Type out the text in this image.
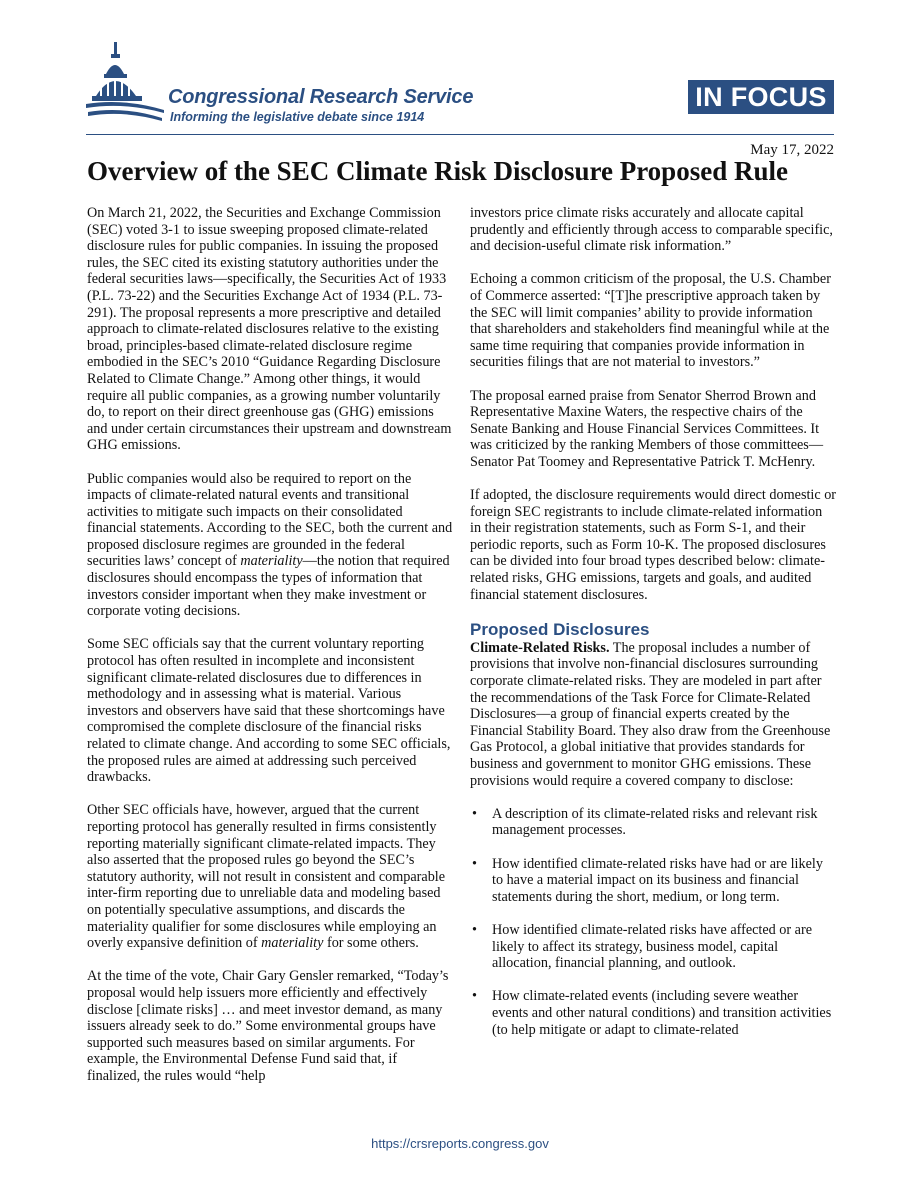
Congressional Research Service
Informing the legislative debate since 1914
IN FOCUS
May 17, 2022
Overview of the SEC Climate Risk Disclosure Proposed Rule

On March 21, 2022, the Securities and Exchange Commission (SEC) voted 3-1 to issue sweeping proposed climate-related disclosure rules for public companies. In issuing the proposed rules, the SEC cited its existing statutory authorities under the federal securities laws—specifically, the Securities Act of 1933 (P.L. 73-22) and the Securities Exchange Act of 1934 (P.L. 73-291). The proposal represents a more prescriptive and detailed approach to climate-related disclosures relative to the existing broad, principles-based climate-related disclosure regime embodied in the SEC’s 2010 “Guidance Regarding Disclosure Related to Climate Change.” Among other things, it would require all public companies, as a growing number voluntarily do, to report on their direct greenhouse gas (GHG) emissions and under certain circumstances their upstream and downstream GHG emissions.

Public companies would also be required to report on the impacts of climate-related natural events and transitional activities to mitigate such impacts on their consolidated financial statements. According to the SEC, both the current and proposed disclosure regimes are grounded in the federal securities laws’ concept of materiality—the notion that required disclosures should encompass the types of information that investors consider important when they make investment or corporate voting decisions.

Some SEC officials say that the current voluntary reporting protocol has often resulted in incomplete and inconsistent significant climate-related disclosures due to differences in methodology and in assessing what is material. Various investors and observers have said that these shortcomings have compromised the complete disclosure of the financial risks related to climate change. And according to some SEC officials, the proposed rules are aimed at addressing such perceived drawbacks.

Other SEC officials have, however, argued that the current reporting protocol has generally resulted in firms consistently reporting materially significant climate-related impacts. They also asserted that the proposed rules go beyond the SEC’s statutory authority, will not result in consistent and comparable inter-firm reporting due to unreliable data and modeling based on potentially speculative assumptions, and discards the materiality qualifier for some disclosures while employing an overly expansive definition of materiality for some others.

At the time of the vote, Chair Gary Gensler remarked, “Today’s proposal would help issuers more efficiently and effectively disclose [climate risks] … and meet investor demand, as many issuers already seek to do.” Some environmental groups have supported such measures based on similar arguments. For example, the Environmental Defense Fund said that, if finalized, the rules would “help

investors price climate risks accurately and allocate capital prudently and efficiently through access to comparable specific, and decision-useful climate risk information.”

Echoing a common criticism of the proposal, the U.S. Chamber of Commerce asserted: “[T]he prescriptive approach taken by the SEC will limit companies’ ability to provide information that shareholders and stakeholders find meaningful while at the same time requiring that companies provide information in securities filings that are not material to investors.”

The proposal earned praise from Senator Sherrod Brown and Representative Maxine Waters, the respective chairs of the Senate Banking and House Financial Services Committees. It was criticized by the ranking Members of those committees—Senator Pat Toomey and Representative Patrick T. McHenry.

If adopted, the disclosure requirements would direct domestic or foreign SEC registrants to include climate-related information in their registration statements, such as Form S-1, and their periodic reports, such as Form 10-K. The proposed disclosures can be divided into four broad types described below: climate-related risks, GHG emissions, targets and goals, and audited financial statement disclosures.

Proposed Disclosures

Climate-Related Risks. The proposal includes a number of provisions that involve non-financial disclosures surrounding corporate climate-related risks. They are modeled in part after the recommendations of the Task Force for Climate-Related Disclosures—a group of financial experts created by the Financial Stability Board. They also draw from the Greenhouse Gas Protocol, a global initiative that provides standards for business and government to monitor GHG emissions. These provisions would require a covered company to disclose:

• A description of its climate-related risks and relevant risk management processes.
• How identified climate-related risks have had or are likely to have a material impact on its business and financial statements during the short, medium, or long term.
• How identified climate-related risks have affected or are likely to affect its strategy, business model, capital allocation, financial planning, and outlook.
• How climate-related events (including severe weather events and other natural conditions) and transition activities (to help mitigate or adapt to climate-related
https://crsreports.congress.gov
